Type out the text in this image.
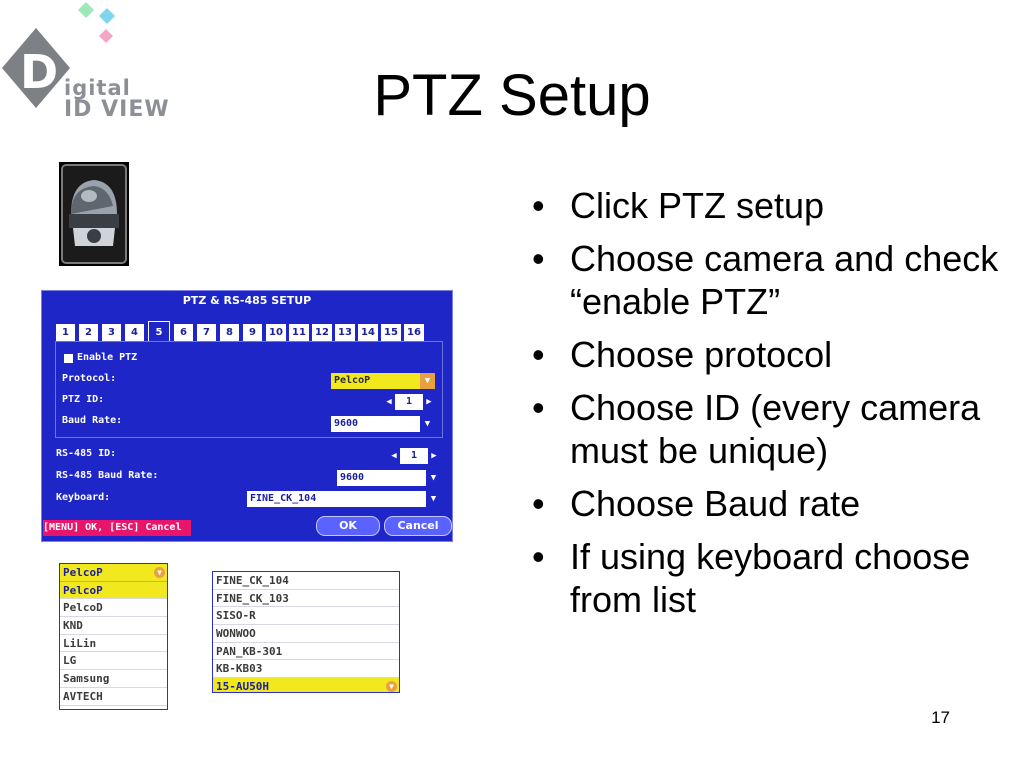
D igital
ID VIEW	PTZ Setup
PTZ & RS-485 SETUP
1	2	3	4	5	6	7	8	9	10 11 12 13 14 15 16
Enable PTZ
Protocol:	PelcoP	▼
PTZ ID:	◀	1	▶
Baud Rate:	9600	▼
RS-485 ID:	◀	1	▶
RS-485 Baud Rate:	9600	▼
Keyboard:	FINE_CK_104	▼
[MENU] OK, [ESC] Cancel	OK	Cancel
PelcoP	▼
PelcoP
PelcoD
KND
LiLin
LG
Samsung
AVTECH
FINE_CK_104
FINE_CK_103
SISO-R
WONWOO
PAN_KB-301
KB-KB03
15-AU50H	▼
• Click PTZ setup
• Choose camera and check “enable PTZ”
• Choose protocol
• Choose ID (every camera must be unique)
• Choose Baud rate
• If using keyboard choose from list
17
